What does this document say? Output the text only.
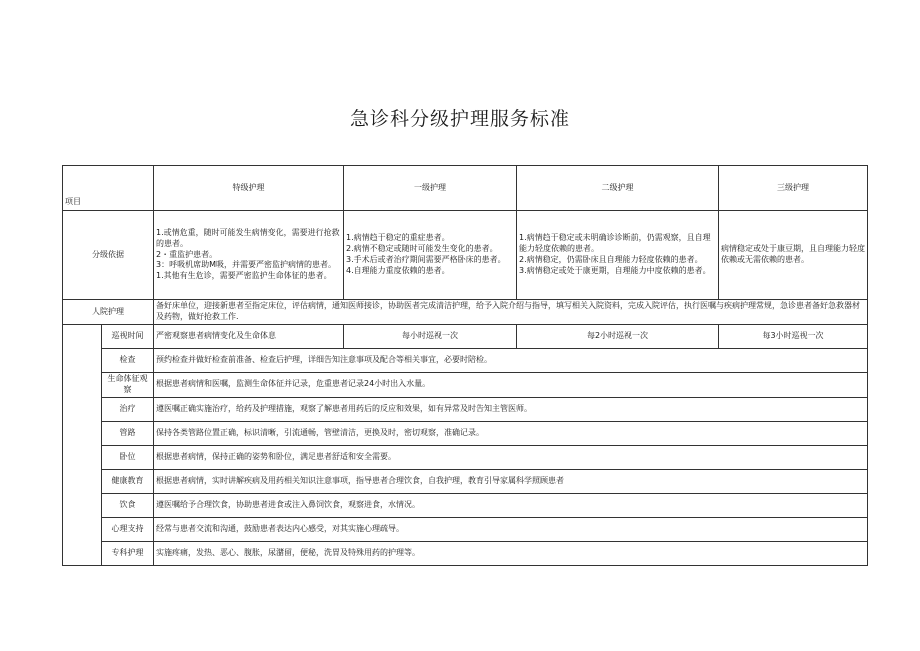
急诊科分级护理服务标准
项目		特级护理	一级护理	二级护理	三级护理
分级依据		1.或情危重，随时可能发生病情变化，需要进行抢救的患者。
2・重监护患者。
3：呼吸机席助M吸，并需要严密监护病情的患者。
1.其他有生危诊，需要严密监护生命体征的患者。	1.病情趋于稳定的重症患者。
2.病情不稳定或随时可能发生变化的患者。
3.手术后或者治疗期间需要严格卧床的患者。
4.自理能力重度依赖的患者。	1.病情趋于稳定或未明确诊诊断前，仍需观察，且自理能力轻度依赖的患者。
2.病情稳定，仍需卧床且自理能力轻度依赖的患者。
3.病情稳定或处于康更期，自理能力中度依赖的患者。	病情稳定或处于康豆期，且自理能力轻度依赖或无需依赖的患者。
人院护理		备好床单位，迎接新患者至指定床位，评估病情，通知医师接诊，协助医者完成清洁护理，给予入院介绍与指导，填写相关入院资料，完成入院评估，执行医嘱与疾病护理常规，急诊患者备好急救器材及药物，做好抢救工作.			
	巡视时间	严密观察患者病情变化及生命体息	每小时巡视一次	每2小时巡视一次	每3小时巡视一次
	检查	预约检查并做好检查前准备、检查后护理，详细告知注意事项及配合等相关事宜，必要时陪检。			
	生命体征观察	根据患者病情和医嘱，监测生命体征并记录，危重患者记录24小时出入水量。			
	治疗	遵医嘱正确实施治疗，给药及护理措施，观察了解患者用药后的反应和效果，如有异常及时告知主管医师。			
	管路	保持各类管路位置正确，标识清晰，引流通畅，管壁清洁，更换及时，密切观察，准确记录。			
	卧位	根据患者病情，保持正确的姿势和卧位，满足患者舒适和安全需要。			
	健康教育	根据患者病情，实时讲解疾病及用药相关知识注意事项，指导患者合理饮食，自我护理，教育引导家属科学照顾患者			
	饮食	遵医嘱给予合理饮食，协助患者进食或注入鼻饲饮食，观察进食，水情况。			
	心理支持	经常与患者交流和沟通，鼓励患者表达内心感受，对其实施心理疏导。			
	专科护理	实施疼痛，发热、恶心、腹胀，尿潴留，便秘，洗胃及特殊用药的护理等。			
